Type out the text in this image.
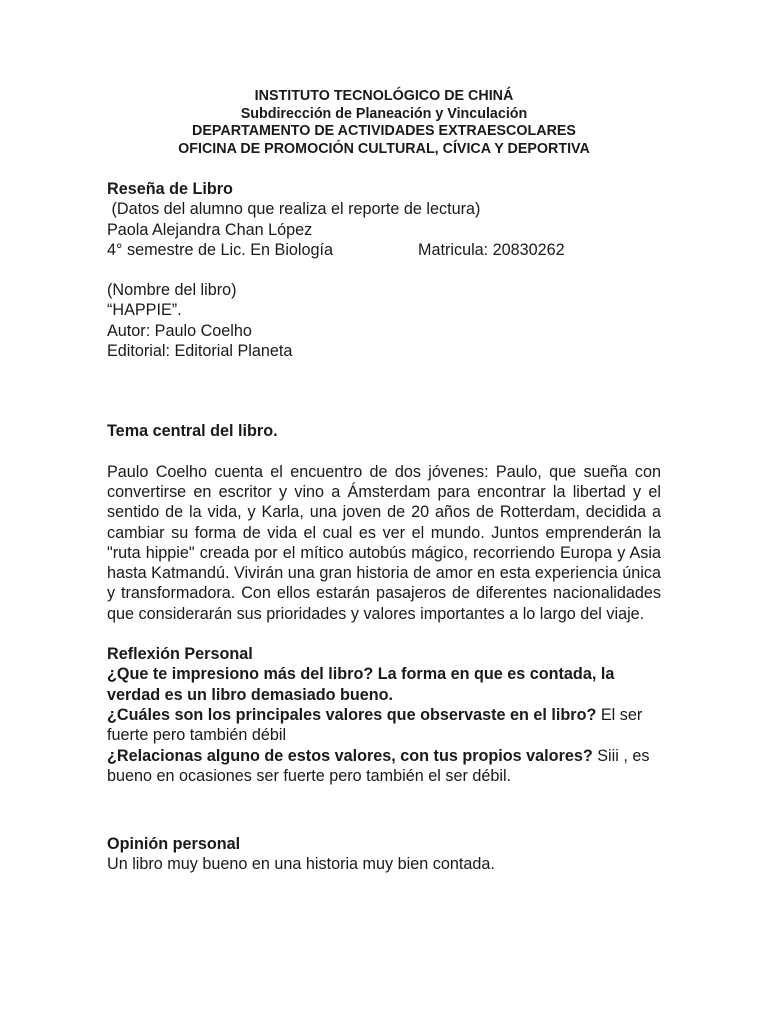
INSTITUTO TECNOLÓGICO DE CHINÁ
Subdirección de Planeación y Vinculación
DEPARTAMENTO DE ACTIVIDADES EXTRAESCOLARES
OFICINA DE PROMOCIÓN CULTURAL, CÍVICA Y DEPORTIVA

Reseña de Libro

(Datos del alumno que realiza el reporte de lectura)

Paola Alejandra Chan López

4° semestre de Lic. En Biología	Matricula: 20830262

(Nombre del libro)

“HAPPIE”.

Autor: Paulo Coelho

Editorial: Editorial Planeta

Tema central del libro.

Paulo Coelho cuenta el encuentro de dos jóvenes: Paulo, que sueña con convertirse en escritor y vino a Ámsterdam para encontrar la libertad y el sentido de la vida, y Karla, una joven de 20 años de Rotterdam, decidida a cambiar su forma de vida el cual es ver el mundo. Juntos emprenderán la "ruta hippie" creada por el mítico autobús mágico, recorriendo Europa y Asia hasta Katmandú. Vivirán una gran historia de amor en esta experiencia única y transformadora. Con ellos estarán pasajeros de diferentes nacionalidades que considerarán sus prioridades y valores importantes a lo largo del viaje.

Reflexión Personal

¿Que te impresiono más del libro? La forma en que es contada, la verdad es un libro demasiado bueno.

¿Cuáles son los principales valores que observaste en el libro? El ser fuerte pero también débil

¿Relacionas alguno de estos valores, con tus propios valores? Siii , es bueno en ocasiones ser fuerte pero también el ser débil.

Opinión personal

Un libro muy bueno en una historia muy bien contada.
